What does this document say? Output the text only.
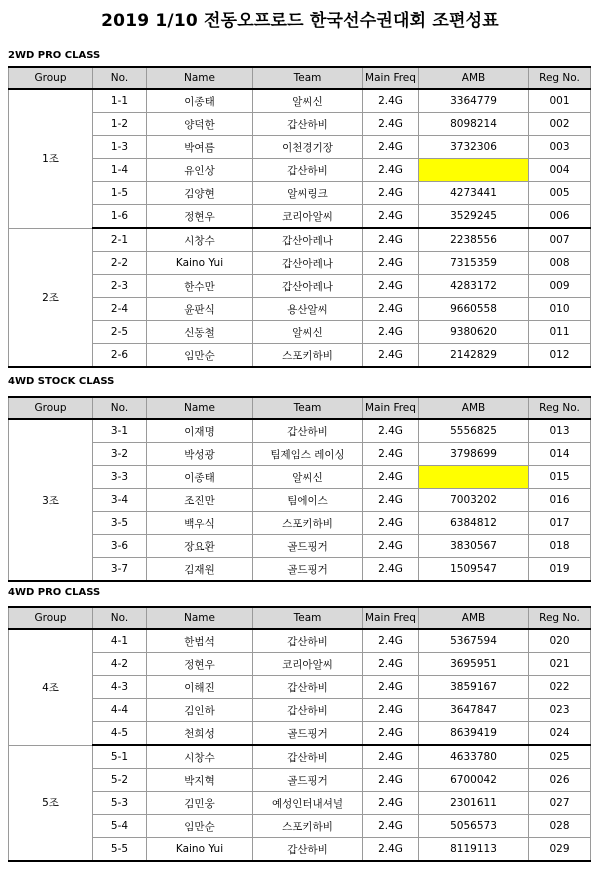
2019 1/10 전동오프로드 한국선수권대회 조편성표
2WD PRO CLASS
Group	No.	Name	Team	Main Freq	AMB	Reg No.
1조	1-1	이종태	알씨신	2.4G	3364779	001
	1-2	양덕한	갑산하비	2.4G	8098214	002
	1-3	박여름	이천경기장	2.4G	3732306	003
	1-4	유인상	갑산하비	2.4G		004
	1-5	김양현	알씨링크	2.4G	4273441	005
	1-6	정현우	코리아알씨	2.4G	3529245	006
2조	2-1	시창수	갑산아레나	2.4G	2238556	007
	2-2	Kaino Yui	갑산아레나	2.4G	7315359	008
	2-3	한수만	갑산아레나	2.4G	4283172	009
	2-4	윤판식	용산알씨	2.4G	9660558	010
	2-5	신동철	알씨신	2.4G	9380620	011
	2-6	임만순	스포키하비	2.4G	2142829	012
4WD STOCK CLASS
Group	No.	Name	Team	Main Freq	AMB	Reg No.
3조	3-1	이재명	갑산하비	2.4G	5556825	013
	3-2	박성광	팀제임스 레이싱	2.4G	3798699	014
	3-3	이종태	알씨신	2.4G		015
	3-4	조진만	팀에이스	2.4G	7003202	016
	3-5	백우식	스포키하비	2.4G	6384812	017
	3-6	장요환	골드핑거	2.4G	3830567	018
	3-7	김재원	골드핑거	2.4G	1509547	019
4WD PRO CLASS
Group	No.	Name	Team	Main Freq	AMB	Reg No.
4조	4-1	한범석	갑산하비	2.4G	5367594	020
	4-2	정현우	코리아알씨	2.4G	3695951	021
	4-3	이해진	갑산하비	2.4G	3859167	022
	4-4	김인하	갑산하비	2.4G	3647847	023
	4-5	천희성	골드핑거	2.4G	8639419	024
5조	5-1	시창수	갑산하비	2.4G	4633780	025
	5-2	박지혁	골드핑거	2.4G	6700042	026
	5-3	김민웅	예성인터내셔널	2.4G	2301611	027
	5-4	임만순	스포키하비	2.4G	5056573	028
	5-5	Kaino Yui	갑산하비	2.4G	8119113	029
